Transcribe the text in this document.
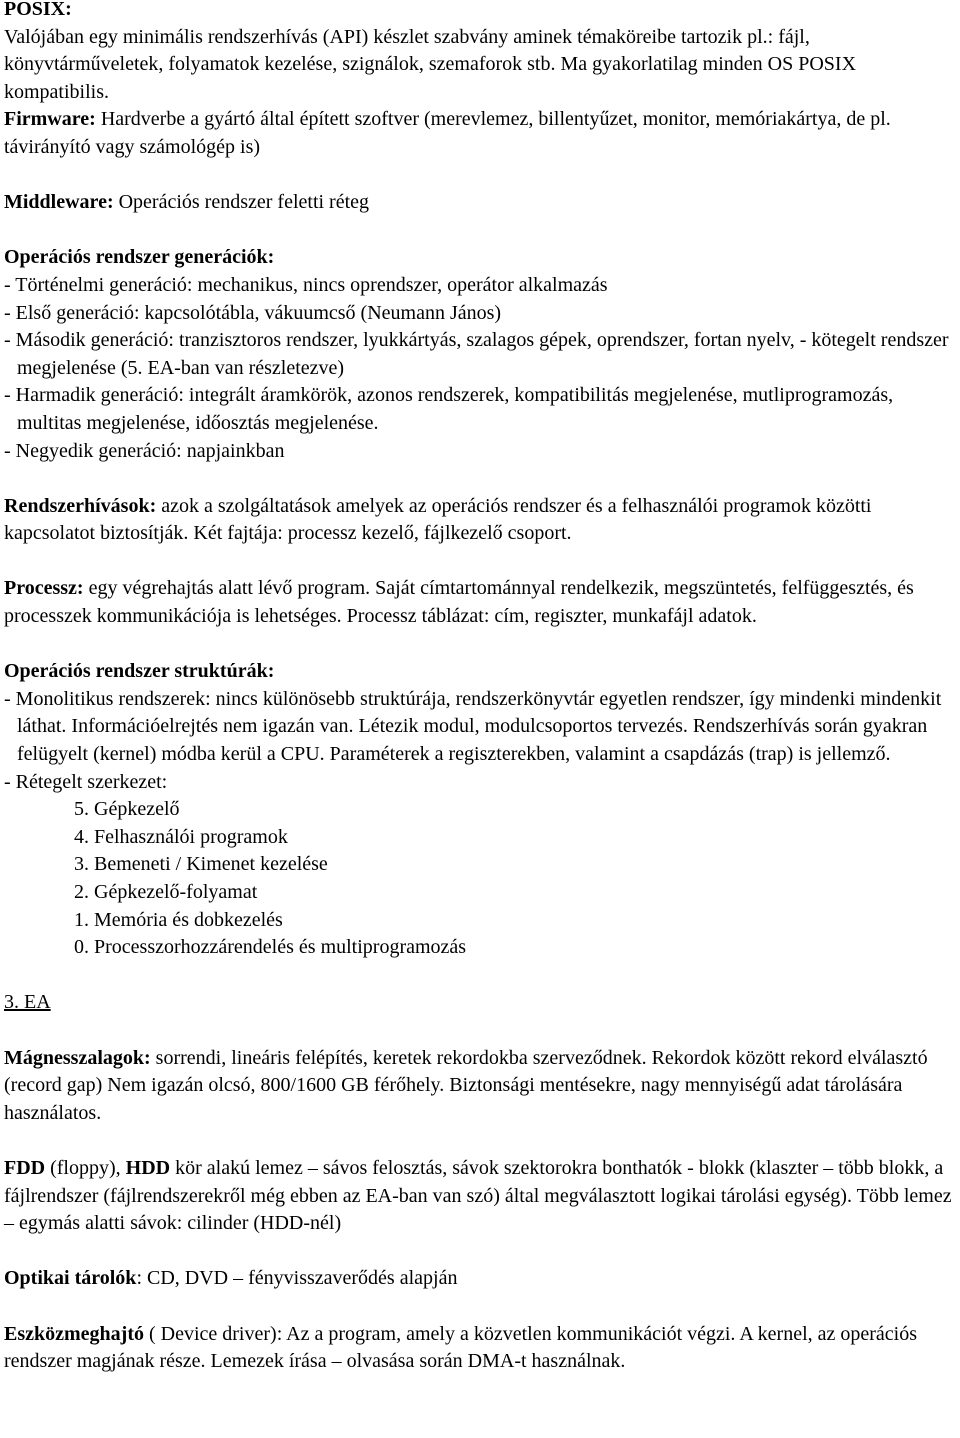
POSIX:
Valójában egy minimális rendszerhívás (API) készlet szabvány aminek témaköreibe tartozik pl.: fájl, könyvtárműveletek, folyamatok kezelése, szignálok, szemaforok stb. Ma gyakorlatilag minden OS POSIX kompatibilis.

Firmware: Hardverbe a gyártó által épített szoftver (merevlemez, billentyűzet, monitor, memóriakártya, de pl. távirányító vagy számológép is)

Middleware: Operációs rendszer feletti réteg

Operációs rendszer generációk:

- Történelmi generáció: mechanikus, nincs oprendszer, operátor alkalmazás

- Első generáció: kapcsolótábla, vákuumcső (Neumann János)

- Második generáció: tranzisztoros rendszer, lyukkártyás, szalagos gépek, oprendszer, fortan nyelv, - kötegelt rendszer megjelenése (5. EA-ban van részletezve)

- Harmadik generáció: integrált áramkörök, azonos rendszerek, kompatibilitás megjelenése, mutliprogramozás, multitas megjelenése, időosztás megjelenése.

- Negyedik generáció: napjainkban

Rendszerhívások: azok a szolgáltatások amelyek az operációs rendszer és a felhasználói programok közötti kapcsolatot biztosítják. Két fajtája: processz kezelő, fájlkezelő csoport.

Processz: egy végrehajtás alatt lévő program. Saját címtartománnyal rendelkezik, megszüntetés, felfüggesztés, és processzek kommunikációja is lehetséges. Processz táblázat: cím, regiszter, munkafájl adatok.

Operációs rendszer struktúrák:

- Monolitikus rendszerek: nincs különösebb struktúrája, rendszerkönyvtár egyetlen rendszer, így mindenki mindenkit láthat. Információelrejtés nem igazán van. Létezik modul, modulcsoportos tervezés. Rendszerhívás során gyakran felügyelt (kernel) módba kerül a CPU. Paraméterek a regiszterekben, valamint a csapdázás (trap) is jellemző.

- Rétegelt szerkezet:

5. Gépkezelő

4. Felhasználói programok

3. Bemeneti / Kimenet kezelése

2. Gépkezelő-folyamat

1. Memória és dobkezelés

0. Processzorhozzárendelés és multiprogramozás

3. EA

Mágnesszalagok: sorrendi, lineáris felépítés, keretek rekordokba szerveződnek. Rekordok között rekord elválasztó (record gap) Nem igazán olcsó, 800/1600 GB férőhely. Biztonsági mentésekre, nagy mennyiségű adat tárolására használatos.

FDD (floppy), HDD kör alakú lemez – sávos felosztás, sávok szektorokra bonthatók - blokk (klaszter – több blokk, a fájlrendszer (fájlrendszerekről még ebben az EA-ban van szó) által megválasztott logikai tárolási egység). Több lemez – egymás alatti sávok: cilinder (HDD-nél)

Optikai tárolók: CD, DVD – fényvisszaverődés alapján

Eszközmeghajtó ( Device driver): Az a program, amely a közvetlen kommunikációt végzi. A kernel, az operációs rendszer magjának része. Lemezek írása – olvasása során DMA-t használnak.
